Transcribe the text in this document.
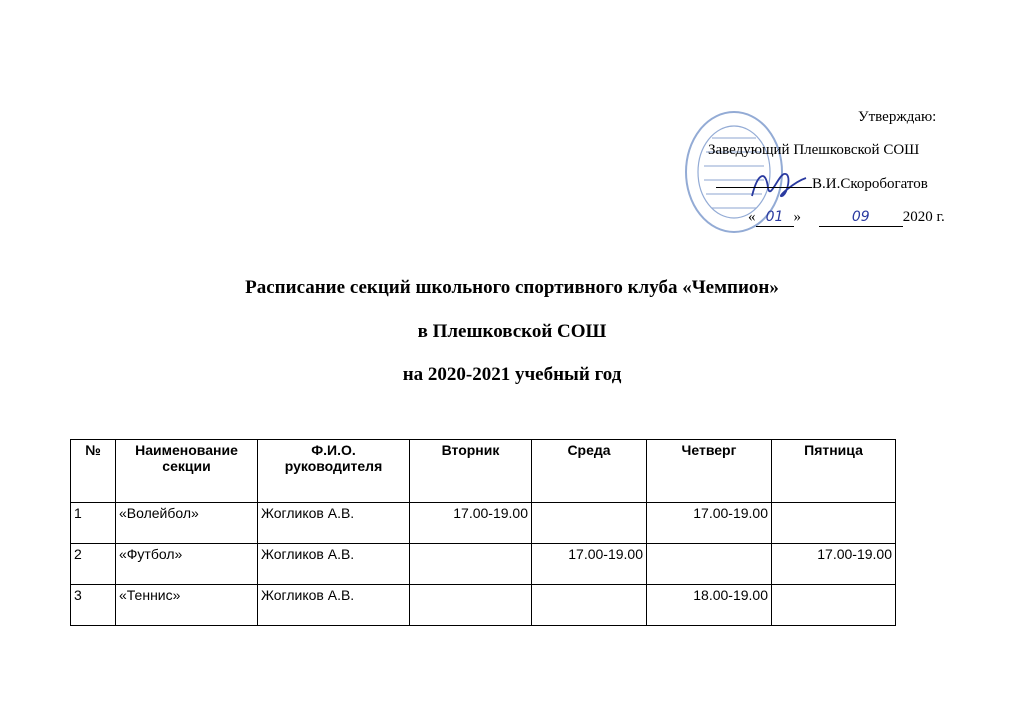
Утверждаю:
Заведующий Плешковской СОШ
В.И.Скоробогатов
« 01 »	09 2020 г.
Расписание секций школьного спортивного клуба «Чемпион»
в Плешковской СОШ
на 2020-2021 учебный год
№	Наименование секции	Ф.И.О. руководителя	Вторник	Среда	Четверг	Пятница
1	«Волейбол»	Жогликов А.В.	17.00-19.00		17.00-19.00	
2	«Футбол»	Жогликов А.В.		17.00-19.00		17.00-19.00
3	«Теннис»	Жогликов А.В.			18.00-19.00	
